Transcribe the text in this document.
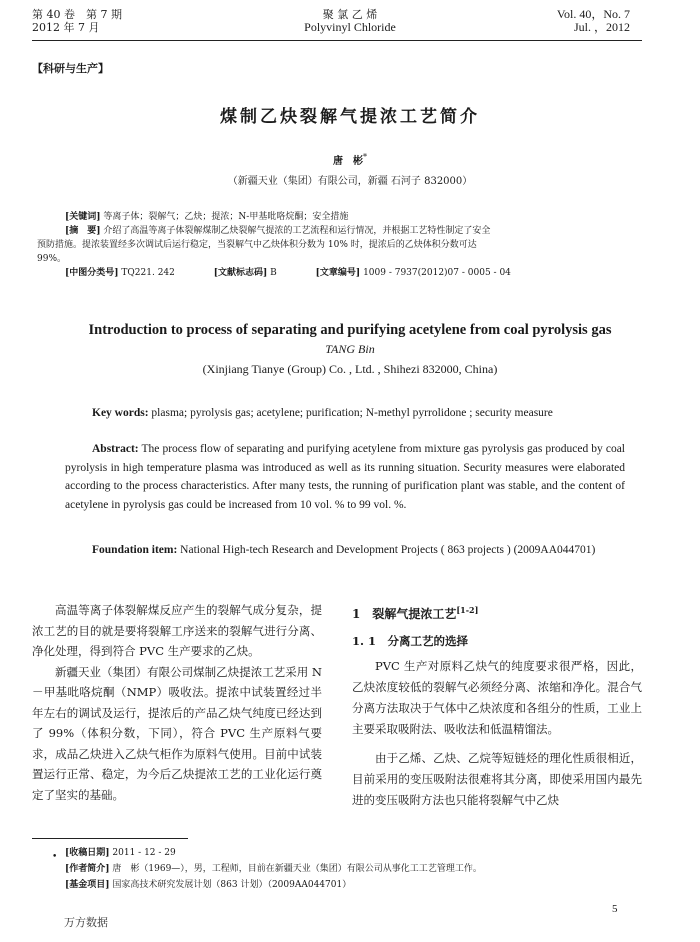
第 40 卷　第 7 期
2012 年 7 月
聚 氯 乙 烯
Polyvinyl Chloride
Vol. 40，No. 7
Jul. ，2012
【科研与生产】
煤制乙炔裂解气提浓工艺简介
唐　彬*
（新疆天业（集团）有限公司，新疆 石河子 832000）
[关键词] 等离子体；裂解气；乙炔；提浓；N-甲基吡咯烷酮；安全措施
[摘　要] 介绍了高温等离子体裂解煤制乙炔裂解气提浓的工艺流程和运行情况，并根据工艺特性制定了安全
预防措施。提浓装置经多次调试后运行稳定，当裂解气中乙炔体积分数为 10% 时，提浓后的乙炔体积分数可达
99%。
[中图分类号] TQ221. 242	[文献标志码] B	[文章编号] 1009 - 7937(2012)07 - 0005 - 04
Introduction to process of separating and purifying acetylene from coal pyrolysis gas
TANG Bin
(Xinjiang Tianye (Group) Co. , Ltd. , Shihezi 832000, China)
Key words: plasma; pyrolysis gas; acetylene; purification; N-methyl pyrrolidone ; security measure
Abstract: The process flow of separating and purifying acetylene from mixture gas pyrolysis gas produced by coal pyrolysis in high temperature plasma was introduced as well as its running situation. Security measures were elaborated according to the process characteristics. After many tests, the running of purification plant was stable, and the content of acetylene in pyrolysis gas could be increased from 10 vol. % to 99 vol. %.
Foundation item: National High-tech Research and Development Projects ( 863 projects ) (2009AA044701)

高温等离子体裂解煤反应产生的裂解气成分复杂，提浓工艺的目的就是要将裂解工序送来的裂解气进行分离、净化处理，得到符合 PVC 生产要求的乙炔。

新疆天业（集团）有限公司煤制乙炔提浓工艺采用 N－甲基吡咯烷酮（NMP）吸收法。提浓中试装置经过半年左右的调试及运行，提浓后的产品乙炔气纯度已经达到了 99%（体积分数，下同），符合 PVC 生产原料气要求，成品乙炔进入乙炔气柜作为原料气使用。目前中试装置运行正常、稳定，为今后乙炔提浓工艺的工业化运行奠定了坚实的基础。

1　裂解气提浓工艺[1-2]
1. 1　分离工艺的选择

PVC 生产对原料乙炔气的纯度要求很严格，因此，乙炔浓度较低的裂解气必须经分离、浓缩和净化。混合气分离方法取决于气体中乙炔浓度和各组分的性质，工业上主要采取吸附法、吸收法和低温精馏法。

由于乙烯、乙炔、乙烷等短链烃的理化性质很相近，目前采用的变压吸附法很难将其分离，即使采用国内最先进的变压吸附方法也只能将裂解气中乙炔

• [收稿日期] 2011 - 12 - 29
[作者简介] 唐　彬（1969—），男，工程师，目前在新疆天业（集团）有限公司从事化工工艺管理工作。
[基金项目] 国家高技术研究发展计划（863 计划）（2009AA044701）
5
万方数据
